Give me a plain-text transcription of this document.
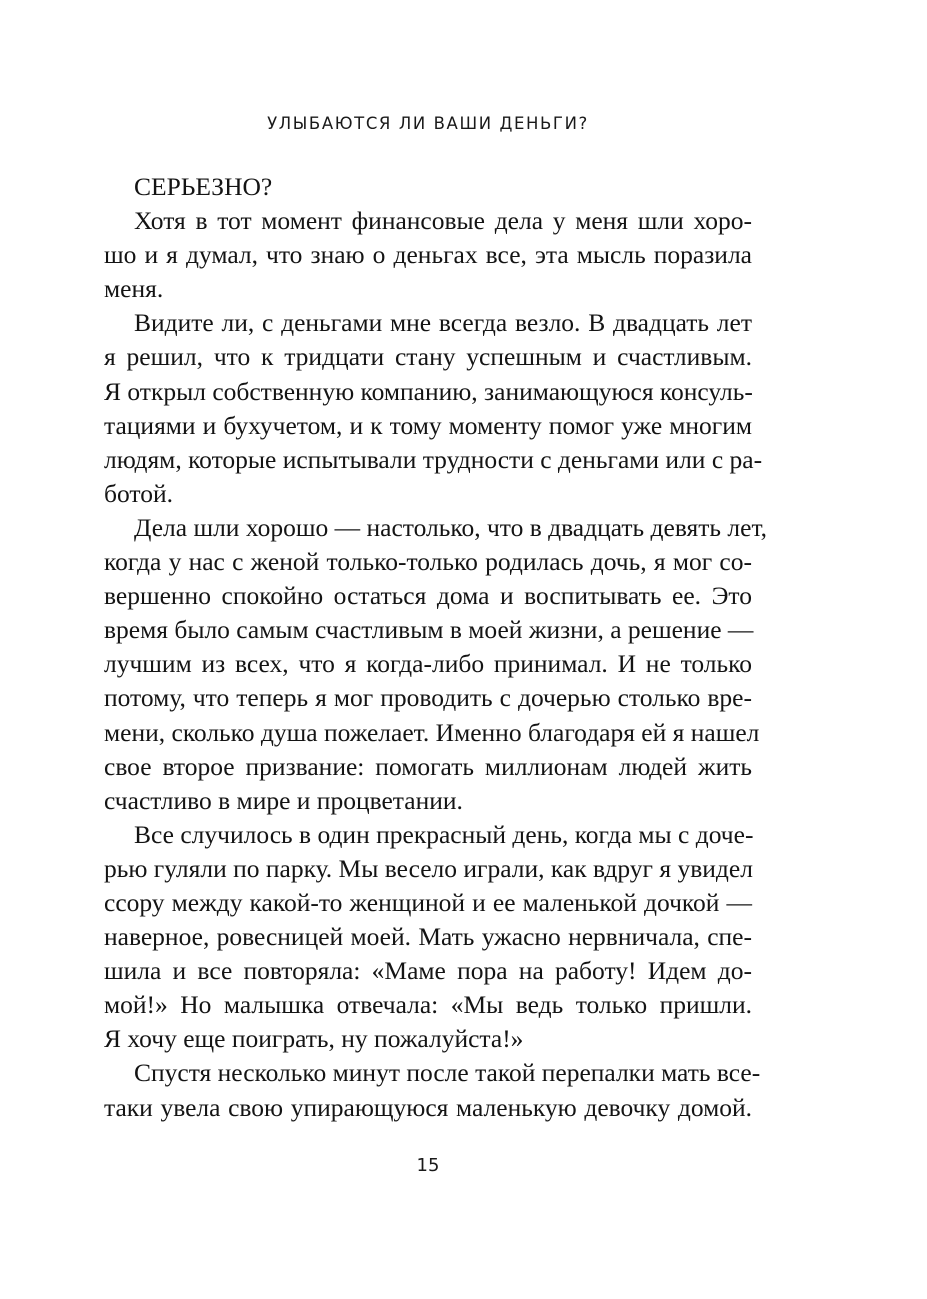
УЛЫБАЮТСЯ ЛИ ВАШИ ДЕНЬГИ?
СЕРЬЕЗНО?
Хотя в тот момент финансовые дела у меня шли хоро-
шо и я думал, что знаю о деньгах все, эта мысль поразила
меня.
Видите ли, с деньгами мне всегда везло. В двадцать лет
я решил, что к тридцати стану успешным и счастливым.
Я открыл собственную компанию, занимающуюся консуль-
тациями и бухучетом, и к тому моменту помог уже многим
людям, которые испытывали трудности с деньгами или с ра-
ботой.
Дела шли хорошо — настолько, что в двадцать девять лет,
когда у нас с женой только-только родилась дочь, я мог со-
вершенно спокойно остаться дома и воспитывать ее. Это
время было самым счастливым в моей жизни, а решение —
лучшим из всех, что я когда-либо принимал. И не только
потому, что теперь я мог проводить с дочерью столько вре-
мени, сколько душа пожелает. Именно благодаря ей я нашел
свое второе призвание: помогать миллионам людей жить
счастливо в мире и процветании.
Все случилось в один прекрасный день, когда мы с доче-
рью гуляли по парку. Мы весело играли, как вдруг я увидел
ссору между какой-то женщиной и ее маленькой дочкой —
наверное, ровесницей моей. Мать ужасно нервничала, спе-
шила и все повторяла: «Маме пора на работу! Идем до-
мой!» Но малышка отвечала: «Мы ведь только пришли.
Я хочу еще поиграть, ну пожалуйста!»
Спустя несколько минут после такой перепалки мать все-
таки увела свою упирающуюся маленькую девочку домой.
15
